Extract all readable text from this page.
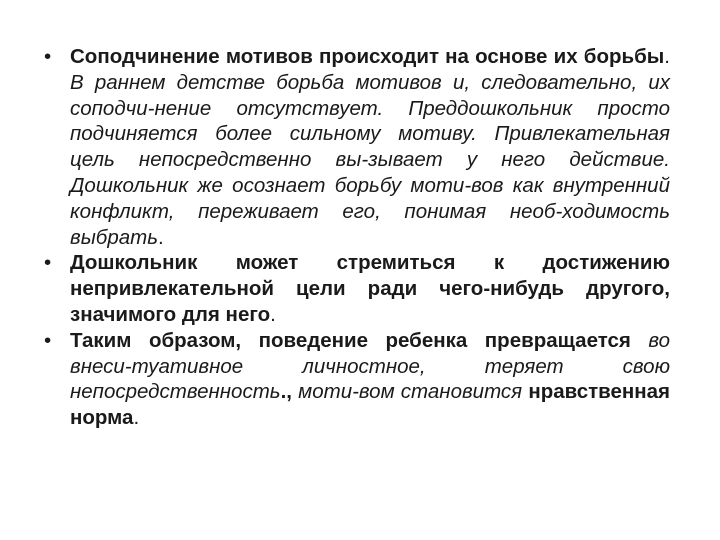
• Соподчинение мотивов происходит на основе их борьбы. В раннем детстве борьба мотивов и, следовательно, их соподчи-нение отсутствует. Преддошкольник просто подчиняется более сильному мотиву. Привлекательная цель непосредственно вы-зывает у него действие. Дошкольник же осознает борьбу моти-вов как внутренний конфликт, переживает его, понимая необ-ходимость выбрать.
• Дошкольник может стремиться к достижению непривлекательной цели ради чего-нибудь другого, значимого для него.
• Таким образом, поведение ребенка превращается во внеси-туативное личностное, теряет свою непосредственность., моти-вом становится нравственная норма.
